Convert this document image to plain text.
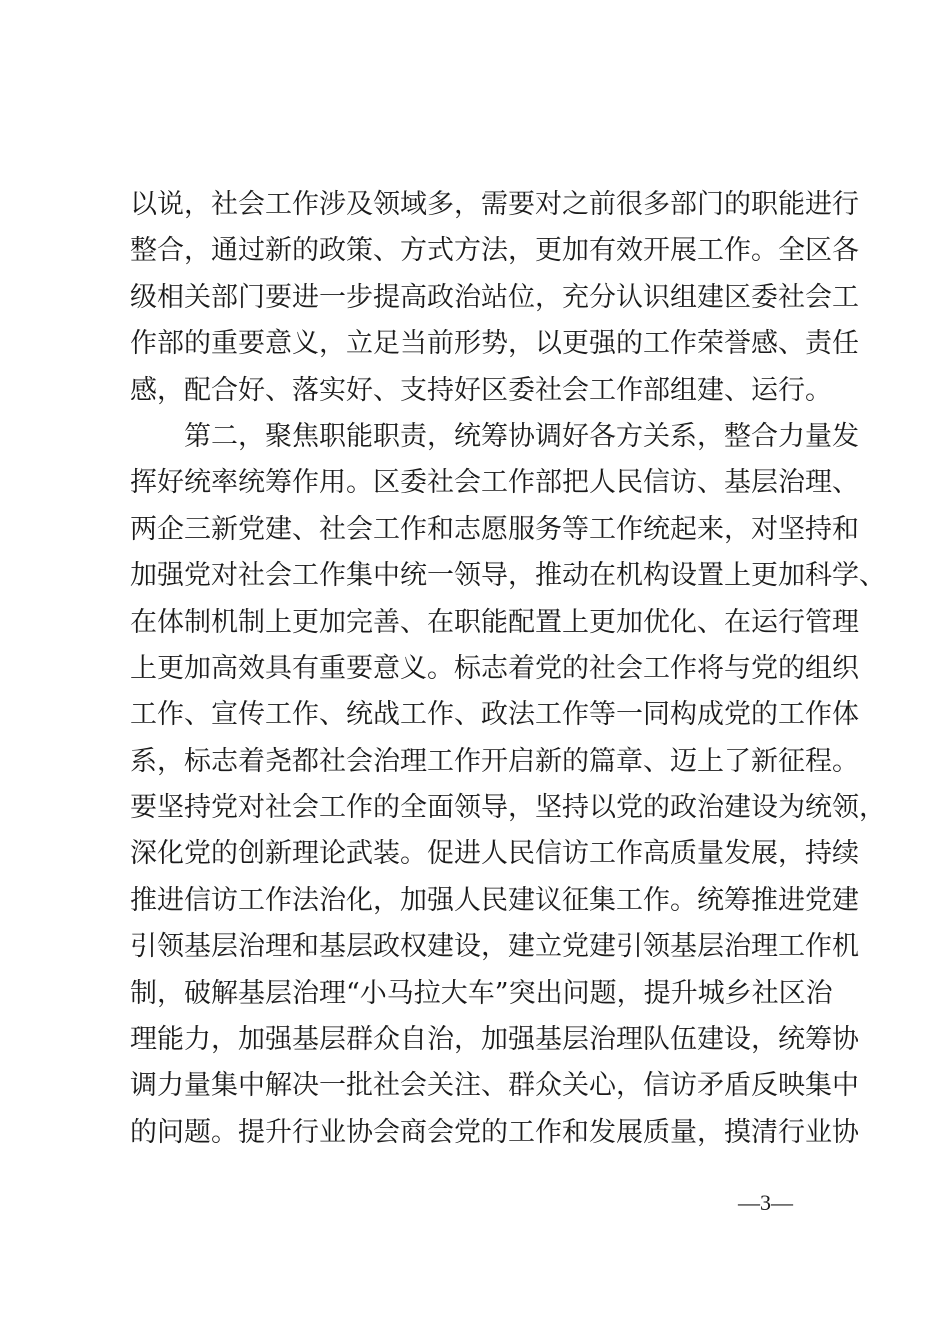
以说，社会工作涉及领域多，需要对之前很多部门的职能进行
整合，通过新的政策、方式方法，更加有效开展工作。全区各
级相关部门要进一步提高政治站位，充分认识组建区委社会工
作部的重要意义，立足当前形势，以更强的工作荣誉感、责任
感，配合好、落实好、支持好区委社会工作部组建、运行。
第二，聚焦职能职责，统筹协调好各方关系，整合力量发
挥好统率统筹作用。区委社会工作部把人民信访、基层治理、
两企三新党建、社会工作和志愿服务等工作统起来，对坚持和
加强党对社会工作集中统一领导，推动在机构设置上更加科学、
在体制机制上更加完善、在职能配置上更加优化、在运行管理
上更加高效具有重要意义。标志着党的社会工作将与党的组织
工作、宣传工作、统战工作、政法工作等一同构成党的工作体
系，标志着尧都社会治理工作开启新的篇章、迈上了新征程。
要坚持党对社会工作的全面领导，坚持以党的政治建设为统领，
深化党的创新理论武装。促进人民信访工作高质量发展，持续
推进信访工作法治化，加强人民建议征集工作。统筹推进党建
引领基层治理和基层政权建设，建立党建引领基层治理工作机
制，破解基层治理“小马拉大车”突出问题，提升城乡社区治
理能力，加强基层群众自治，加强基层治理队伍建设，统筹协
调力量集中解决一批社会关注、群众关心，信访矛盾反映集中
的问题。提升行业协会商会党的工作和发展质量，摸清行业协
—3—
